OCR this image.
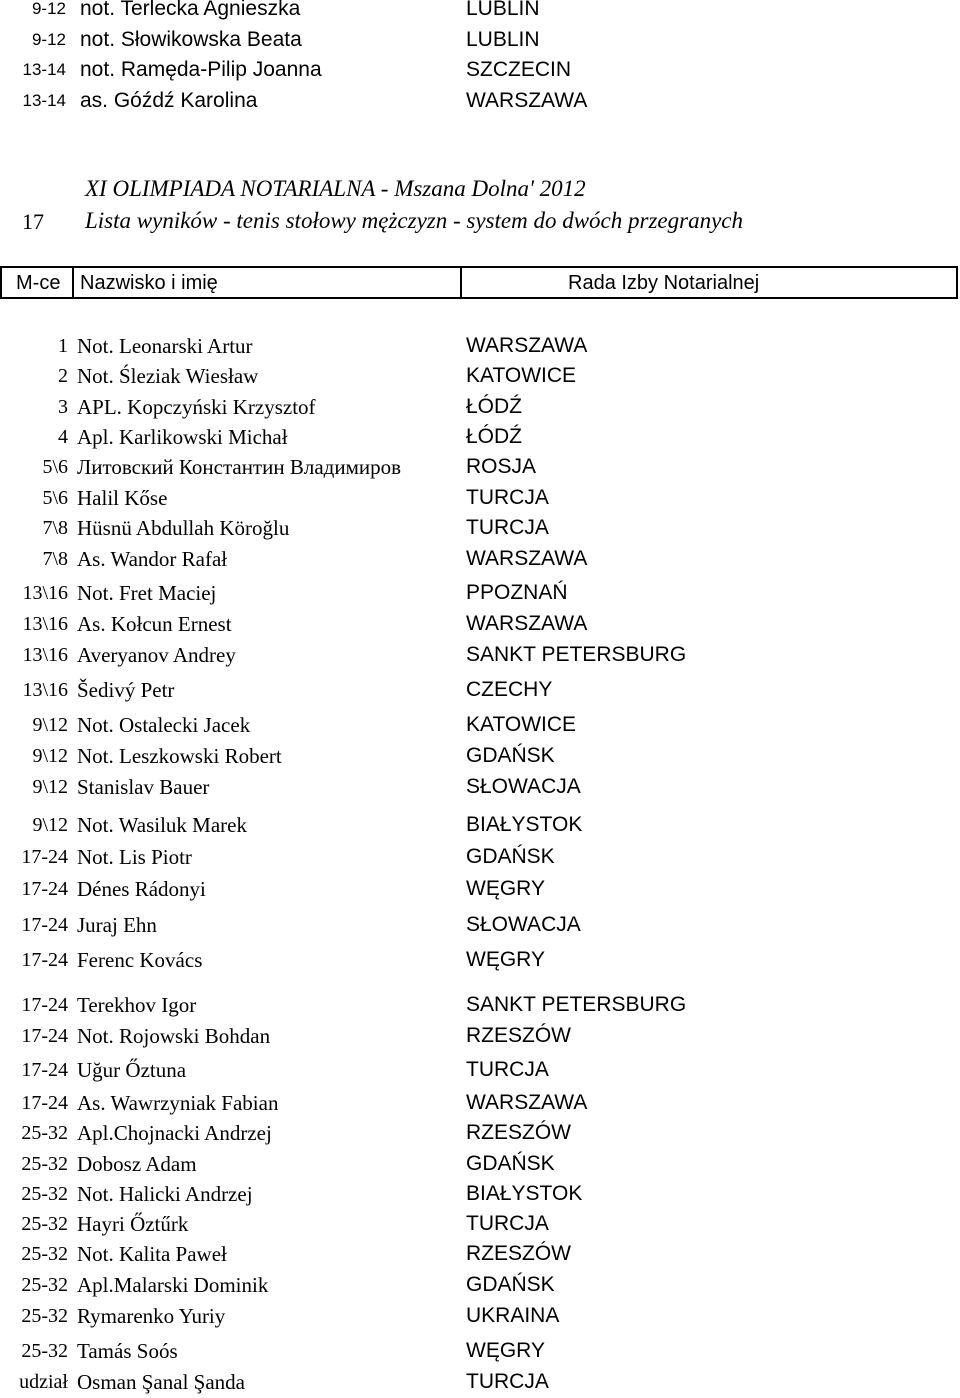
9-12 not. Terlecka Agnieszka	LUBLIN
9-12 not. Słowikowska Beata	LUBLIN
13-14 not. Ramęda-Pilip Joanna	SZCZECIN
13-14 as. Góźdź Karolina	WARSZAWA
XI OLIMPIADA NOTARIALNA - Mszana Dolna' 2012
17 Lista wyników - tenis stołowy mężczyzn - system do dwóch przegranych
M-ce Nazwisko i imię	Rada Izby Notarialnej
1 Not. Leonarski Artur	WARSZAWA
2 Not. Śleziak Wiesław	KATOWICE
3 APL. Kopczyński Krzysztof	ŁÓDŹ
4 Apl. Karlikowski Michał	ŁÓDŹ
5\6 Литовский Константин Владимиров	ROSJA
5\6 Halil Kőse	TURCJA
7\8 Hüsnü Abdullah Köroğlu	TURCJA
7\8 As. Wandor Rafał	WARSZAWA
13\16 Not. Fret Maciej	PPOZNAŃ
13\16 As. Kołcun Ernest	WARSZAWA
13\16 Averyanov Andrey	SANKT PETERSBURG
13\16 Šedivý Petr	CZECHY
9\12 Not. Ostalecki Jacek	KATOWICE
9\12 Not. Leszkowski Robert	GDAŃSK
9\12 Stanislav Bauer	SŁOWACJA
9\12 Not. Wasiluk Marek	BIAŁYSTOK
17-24 Not. Lis Piotr	GDAŃSK
17-24 Dénes Rádonyi	WĘGRY
17-24 Juraj Ehn	SŁOWACJA
17-24 Ferenc Kovács	WĘGRY
17-24 Terekhov Igor	SANKT PETERSBURG
17-24 Not. Rojowski Bohdan	RZESZÓW
17-24 Uğur Őztuna	TURCJA
17-24 As. Wawrzyniak Fabian	WARSZAWA
25-32 Apl.Chojnacki Andrzej	RZESZÓW
25-32 Dobosz Adam	GDAŃSK
25-32 Not. Halicki Andrzej	BIAŁYSTOK
25-32 Hayri Őztűrk	TURCJA
25-32 Not. Kalita Paweł	RZESZÓW
25-32 Apl.Malarski Dominik	GDAŃSK
25-32 Rymarenko Yuriy	UKRAINA
25-32 Tamás Soós	WĘGRY
udział Osman Şanal Şanda	TURCJA
